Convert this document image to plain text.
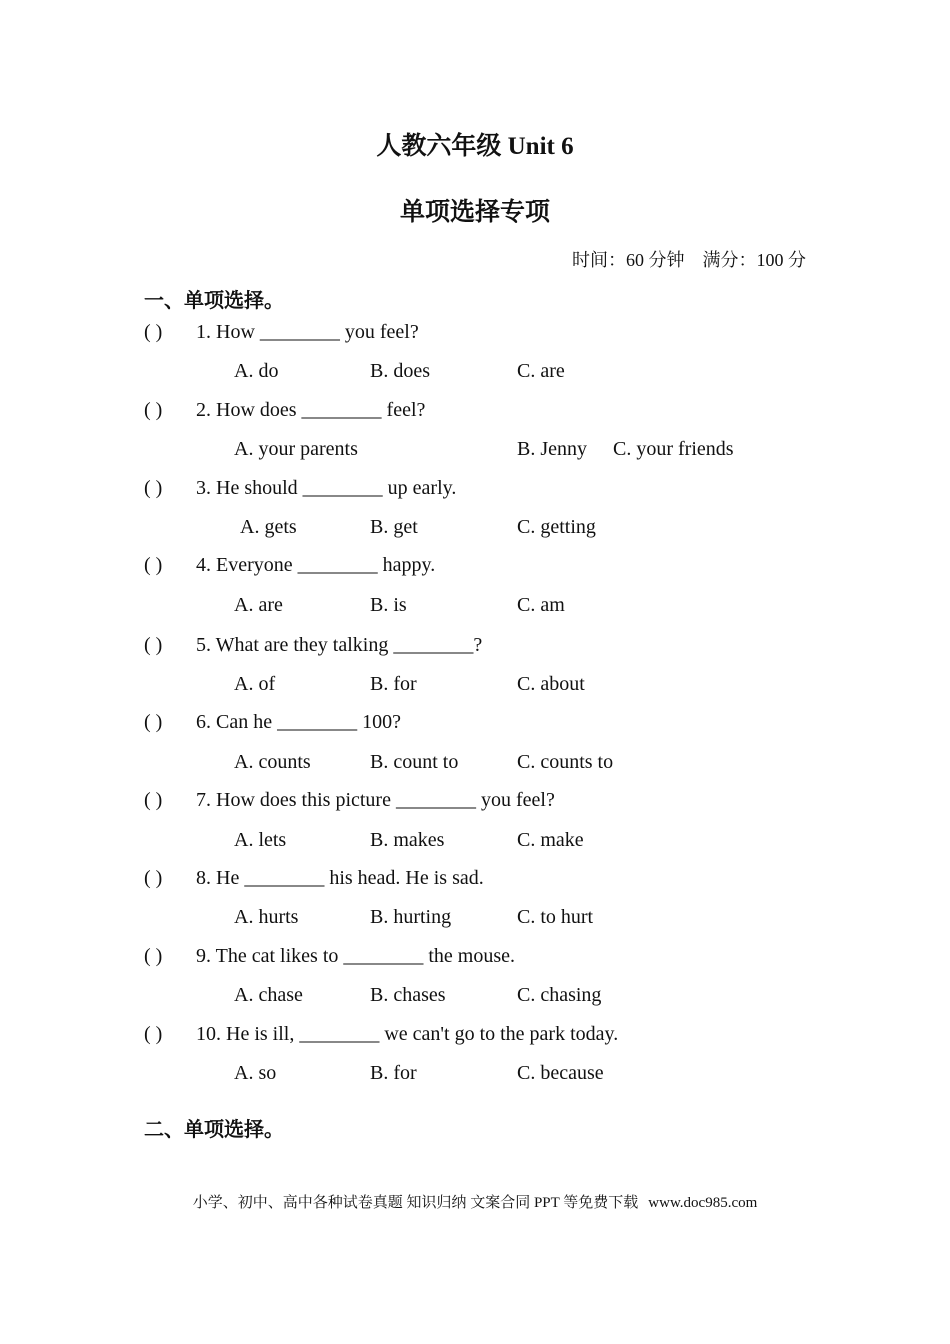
人教六年级 Unit 6
单项选择专项
时间：60 分钟 满分：100 分
一、单项选择。
( ) 1. How ________ you feel?
A. do	B. does	C. are
( ) 2. How does ________ feel?
A. your parents	B. Jenny C. your friends
( ) 3. He should ________ up early.
A. gets	B. get	C. getting
( ) 4. Everyone ________ happy.
A. are	B. is	C. am
( ) 5. What are they talking ________?
A. of	B. for	C. about
( ) 6. Can he ________ 100?
A. counts	B. count to	C. counts to
( ) 7. How does this picture ________ you feel?
A. lets	B. makes	C. make
( ) 8. He ________ his head. He is sad.
A. hurts	B. hurting	C. to hurt
( ) 9. The cat likes to ________ the mouse.
A. chase	B. chases	C. chasing
( ) 10. He is ill, ________ we can't go to the park today.
A. so	B. for	C. because
二、单项选择。
小学、初中、高中各种试卷真题 知识归纳 文案合同 PPT 等免费下载 www.doc985.com
